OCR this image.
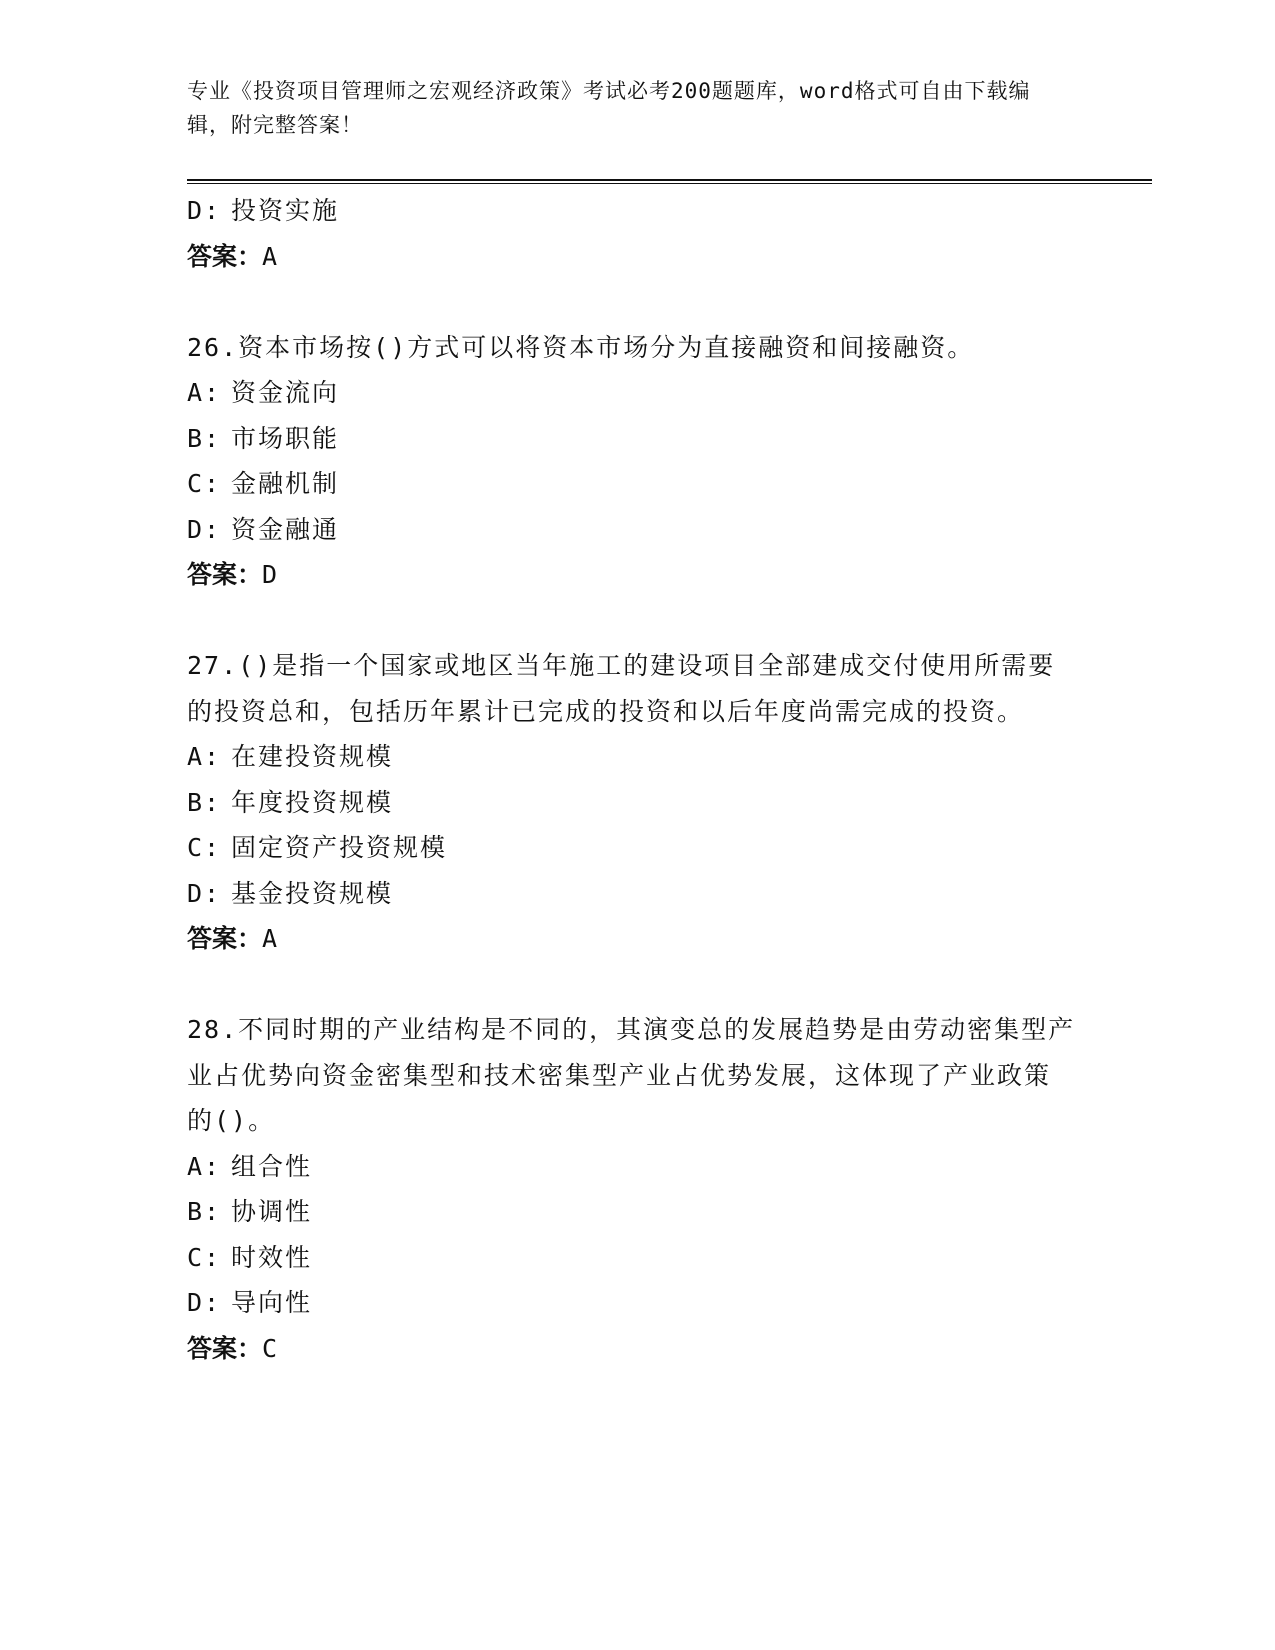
专业《投资项目管理师之宏观经济政策》考试必考200题题库，word格式可自由下载编辑，附完整答案！
D: 投资实施
答案：A
26.资本市场按()方式可以将资本市场分为直接融资和间接融资。
A: 资金流向
B: 市场职能
C: 金融机制
D: 资金融通
答案：D
27.()是指一个国家或地区当年施工的建设项目全部建成交付使用所需要的投资总和，包括历年累计已完成的投资和以后年度尚需完成的投资。
A: 在建投资规模
B: 年度投资规模
C: 固定资产投资规模
D: 基金投资规模
答案：A
28.不同时期的产业结构是不同的，其演变总的发展趋势是由劳动密集型产业占优势向资金密集型和技术密集型产业占优势发展，这体现了产业政策的()。
A: 组合性
B: 协调性
C: 时效性
D: 导向性
答案：C
